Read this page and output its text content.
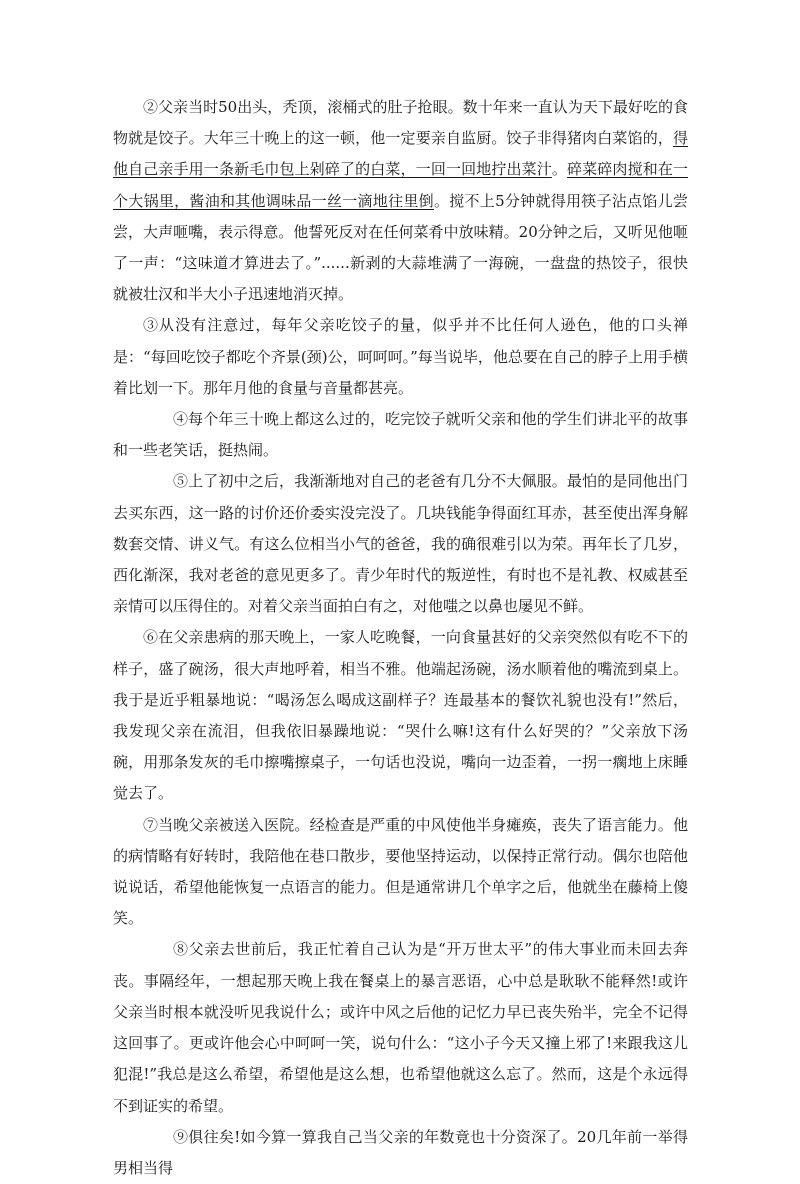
②父亲当时50出头，秃顶，滚桶式的肚子抢眼。数十年来一直认为天下最好吃的食物就是饺子。大年三十晚上的这一顿，他一定要亲自监厨。饺子非得猪肉白菜馅的，得他自己亲手用一条新毛巾包上剁碎了的白菜，一回一回地拧出菜汁。碎菜碎肉搅和在一个大锅里，酱油和其他调味品一丝一滴地往里倒。搅不上5分钟就得用筷子沾点馅儿尝尝，大声咂嘴，表示得意。他誓死反对在任何菜肴中放味精。20分钟之后，又听见他咂了一声：“这味道才算进去了。”......新剥的大蒜堆满了一海碗，一盘盘的热饺子，很快就被壮汉和半大小子迅速地消灭掉。

③从没有注意过，每年父亲吃饺子的量，似乎并不比任何人逊色，他的口头禅是：“每回吃饺子都吃个齐景(颈)公，呵呵呵。”每当说毕，他总要在自己的脖子上用手横着比划一下。那年月他的食量与音量都甚亮。

④每个年三十晚上都这么过的，吃完饺子就听父亲和他的学生们讲北平的故事和一些老笑话，挺热闹。

⑤上了初中之后，我渐渐地对自己的老爸有几分不大佩服。最怕的是同他出门去买东西，这一路的讨价还价委实没完没了。几块钱能争得面红耳赤，甚至使出浑身解数套交情、讲义气。有这么位相当小气的爸爸，我的确很难引以为荣。再年长了几岁，西化渐深，我对老爸的意见更多了。青少年时代的叛逆性，有时也不是礼教、权威甚至亲情可以压得住的。对着父亲当面拍白有之，对他嗤之以鼻也屡见不鲜。

⑥在父亲患病的那天晚上，一家人吃晚餐，一向食量甚好的父亲突然似有吃不下的样子，盛了碗汤，很大声地呼着，相当不雅。他端起汤碗，汤水顺着他的嘴流到桌上。我于是近乎粗暴地说：“喝汤怎么喝成这副样子？连最基本的餐饮礼貌也没有!”然后，我发现父亲在流泪，但我依旧暴躁地说：“哭什么嘛!这有什么好哭的？”父亲放下汤碗，用那条发灰的毛巾擦嘴擦桌子，一句话也没说，嘴向一边歪着，一拐一瘸地上床睡觉去了。

⑦当晚父亲被送入医院。经检查是严重的中风使他半身瘫痪，丧失了语言能力。他的病情略有好转时，我陪他在巷口散步，要他坚持运动，以保持正常行动。偶尔也陪他说说话，希望他能恢复一点语言的能力。但是通常讲几个单字之后，他就坐在藤椅上傻笑。

⑧父亲去世前后，我正忙着自己认为是“开万世太平”的伟大事业而未回去奔丧。事隔经年，一想起那天晚上我在餐桌上的暴言恶语，心中总是耿耿不能释然!或许父亲当时根本就没听见我说什么；或许中风之后他的记忆力早已丧失殆半，完全不记得这回事了。更或许他会心中呵呵一笑，说句什么：“这小子今天又撞上邪了!来跟我这儿犯混!”我总是这么希望，希望他是这么想，也希望他就这么忘了。然而，这是个永远得不到证实的希望。

⑨俱往矣!如今算一算我自己当父亲的年数竟也十分资深了。20几年前一举得男相当得
